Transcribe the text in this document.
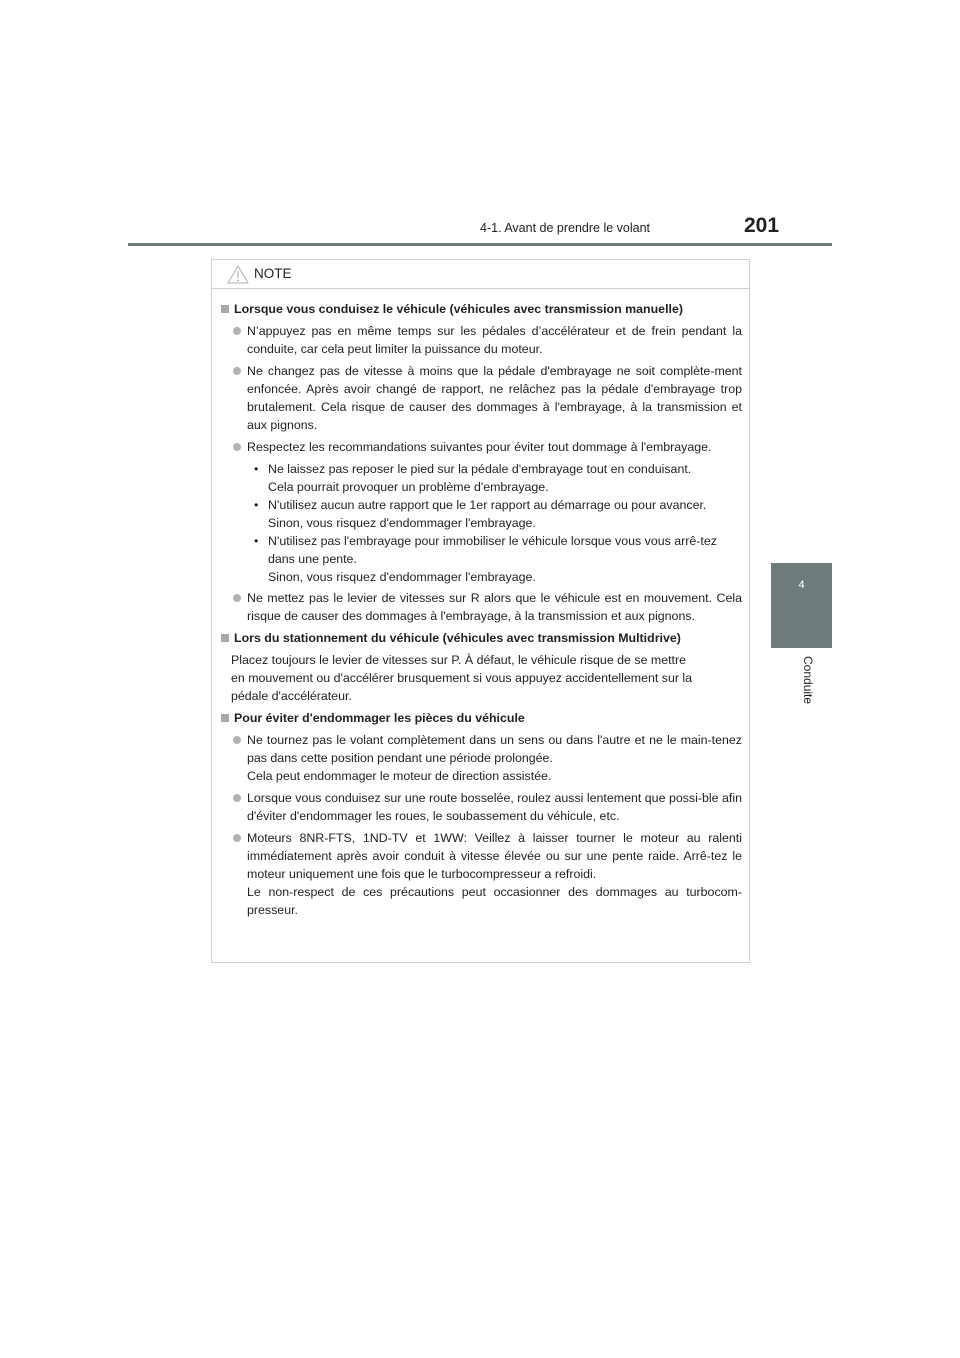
4-1. Avant de prendre le volant	201
4
Conduite
NOTE
Lorsque vous conduisez le véhicule (véhicules avec transmission manuelle)
N’appuyez pas en même temps sur les pédales d’accélérateur et de frein pendant la conduite, car cela peut limiter la puissance du moteur.
Ne changez pas de vitesse à moins que la pédale d'embrayage ne soit complète-ment enfoncée. Après avoir changé de rapport, ne relâchez pas la pédale d'embrayage trop brutalement. Cela risque de causer des dommages à l'embrayage, à la transmission et aux pignons.
Respectez les recommandations suivantes pour éviter tout dommage à l'embrayage.
• Ne laissez pas reposer le pied sur la pédale d'embrayage tout en conduisant.
Cela pourrait provoquer un problème d'embrayage.
• N'utilisez aucun autre rapport que le 1er rapport au démarrage ou pour avancer.
Sinon, vous risquez d'endommager l'embrayage.
• N'utilisez pas l'embrayage pour immobiliser le véhicule lorsque vous vous arrê-tez dans une pente.
Sinon, vous risquez d'endommager l'embrayage.
Ne mettez pas le levier de vitesses sur R alors que le véhicule est en mouvement. Cela risque de causer des dommages à l'embrayage, à la transmission et aux pignons.
Lors du stationnement du véhicule (véhicules avec transmission Multidrive)
Placez toujours le levier de vitesses sur P. À défaut, le véhicule risque de se mettre
en mouvement ou d'accélérer brusquement si vous appuyez accidentellement sur la
pédale d'accélérateur.
Pour éviter d'endommager les pièces du véhicule
Ne tournez pas le volant complètement dans un sens ou dans l'autre et ne le main-tenez pas dans cette position pendant une période prolongée.
Cela peut endommager le moteur de direction assistée.
Lorsque vous conduisez sur une route bosselée, roulez aussi lentement que possi-ble afin d'éviter d'endommager les roues, le soubassement du véhicule, etc.
Moteurs 8NR-FTS, 1ND-TV et 1WW: Veillez à laisser tourner le moteur au ralenti immédiatement après avoir conduit à vitesse élevée ou sur une pente raide. Arrê-tez le moteur uniquement une fois que le turbocompresseur a refroidi.
Le non-respect de ces précautions peut occasionner des dommages au turbocom-presseur.
